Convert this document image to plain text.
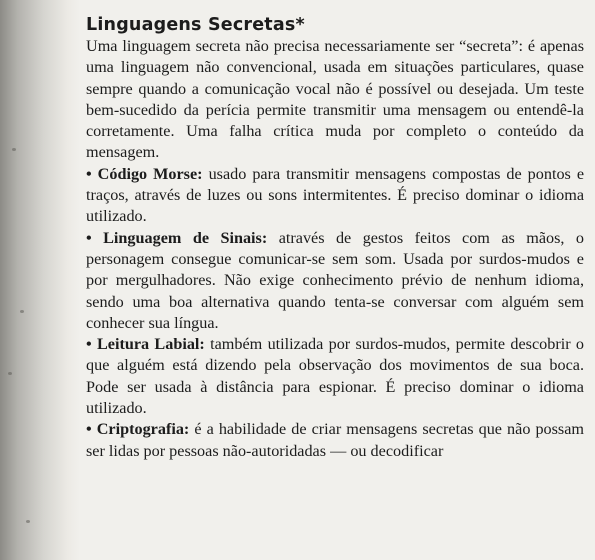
Linguagens Secretas*

Uma linguagem secreta não precisa necessariamente ser “secreta”: é apenas uma linguagem não convencional, usada em situações particulares, quase sempre quando a comunicação vocal não é possível ou desejada. Um teste bem-sucedido da perícia permite transmitir uma mensagem ou entendê-la corretamente. Uma falha crítica muda por completo o conteúdo da mensagem.

• Código Morse: usado para transmitir mensagens compostas de pontos e traços, através de luzes ou sons intermitentes. É preciso dominar o idioma utilizado.

• Linguagem de Sinais: através de gestos feitos com as mãos, o personagem consegue comunicar-se sem som. Usada por surdos-mudos e por mergulhadores. Não exige conhecimento prévio de nenhum idioma, sendo uma boa alternativa quando tenta-se conversar com alguém sem conhecer sua língua.

• Leitura Labial: também utilizada por surdos-mudos, permite descobrir o que alguém está dizendo pela observação dos movimentos de sua boca. Pode ser usada à distância para espionar. É preciso dominar o idioma utilizado.

• Criptografia: é a habilidade de criar mensagens secretas que não possam ser lidas por pessoas não-autoridadas — ou decodificar
